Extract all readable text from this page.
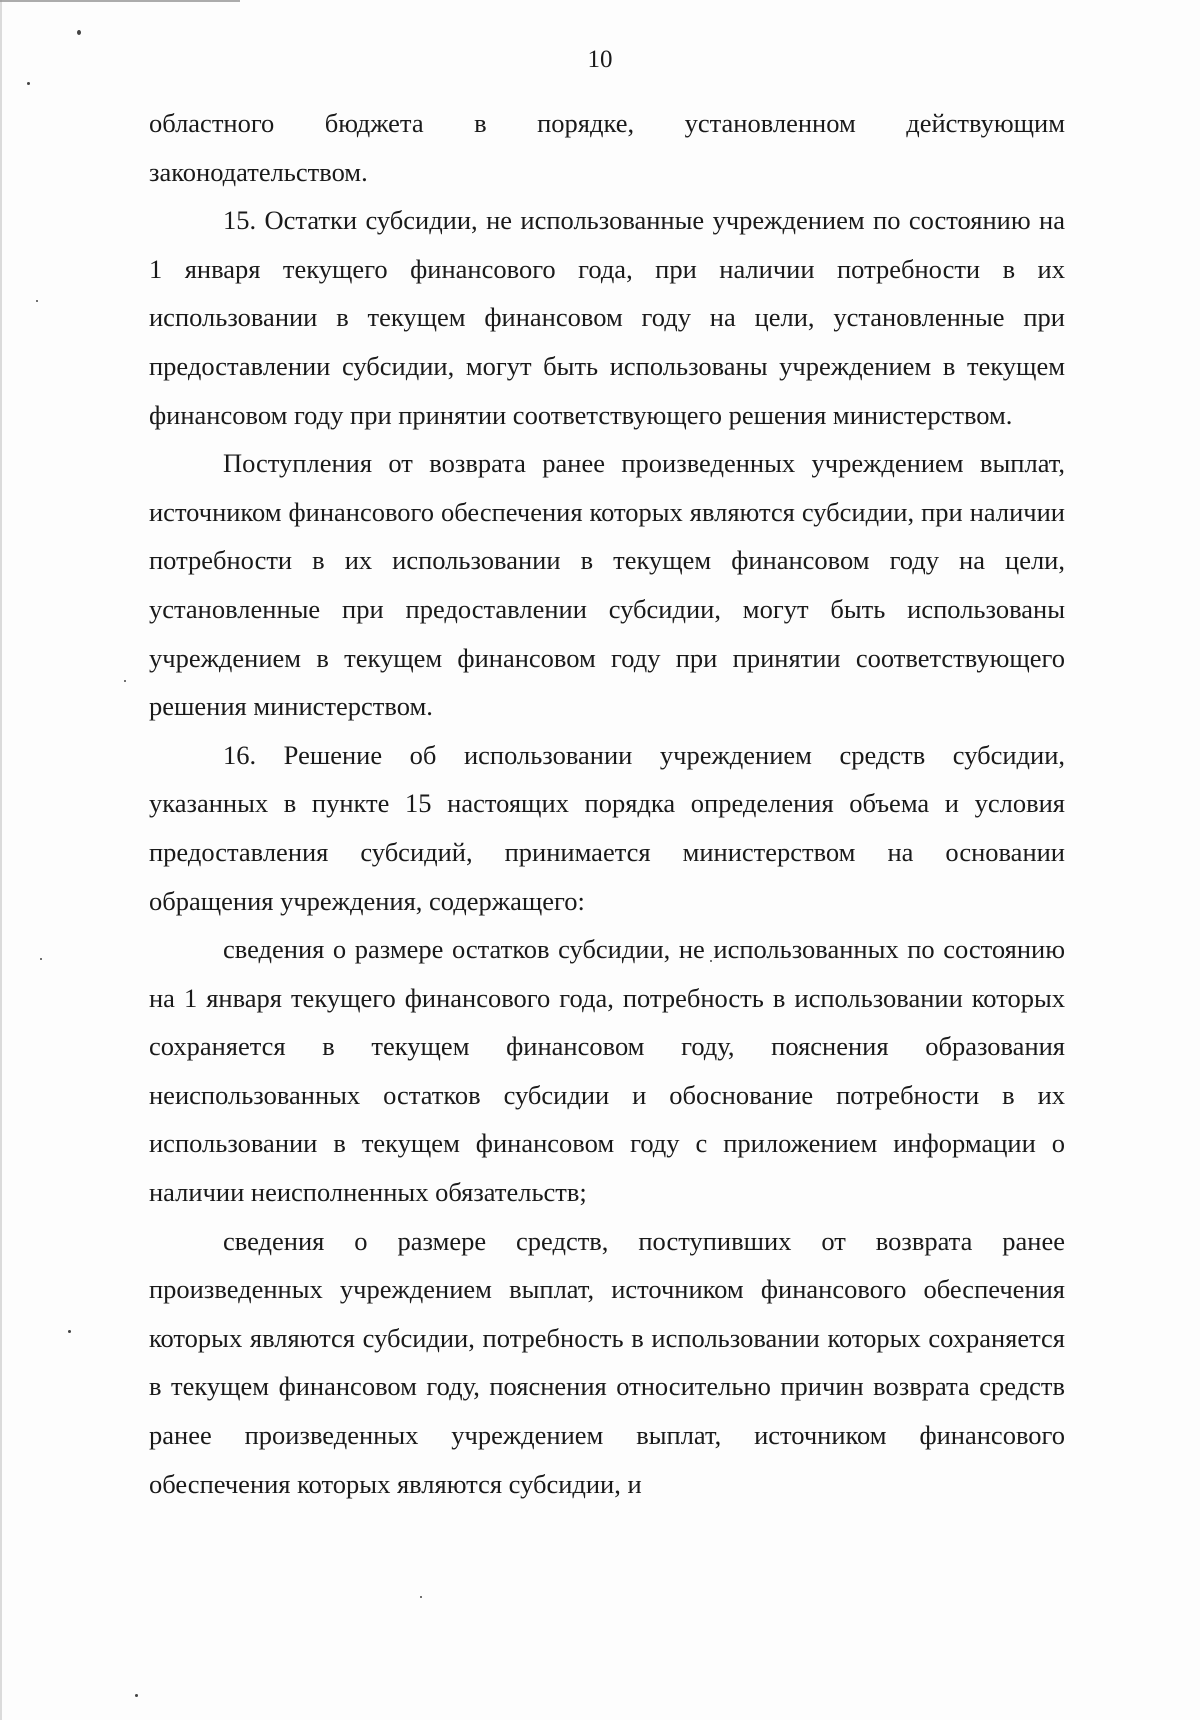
10

областного бюджета в порядке, установленном действующим законодательством.

15. Остатки субсидии, не использованные учреждением по состоянию на 1 января текущего финансового года, при наличии потребности в их использовании в текущем финансовом году на цели, установленные при предоставлении субсидии, могут быть использованы учреждением в текущем финансовом году при принятии соответствующего решения министерством.

Поступления от возврата ранее произведенных учреждением выплат, источником финансового обеспечения которых являются субсидии, при наличии потребности в их использовании в текущем финансовом году на цели, установленные при предоставлении субсидии, могут быть использованы учреждением в текущем финансовом году при принятии соответствующего решения министерством.

16. Решение об использовании учреждением средств субсидии, указанных в пункте 15 настоящих порядка определения объема и условия предоставления субсидий, принимается министерством на основании обращения учреждения, содержащего:

сведения о размере остатков субсидии, не использованных по состоянию на 1 января текущего финансового года, потребность в использовании которых сохраняется в текущем финансовом году, пояснения образования неиспользованных остатков субсидии и обоснование потребности в их использовании в текущем финансовом году с приложением информации о наличии неисполненных обязательств;

сведения о размере средств, поступивших от возврата ранее произведенных учреждением выплат, источником финансового обеспечения которых являются субсидии, потребность в использовании которых сохраняется в текущем финансовом году, пояснения относительно причин возврата средств ранее произведенных учреждением выплат, источником финансового обеспечения которых являются субсидии, и
